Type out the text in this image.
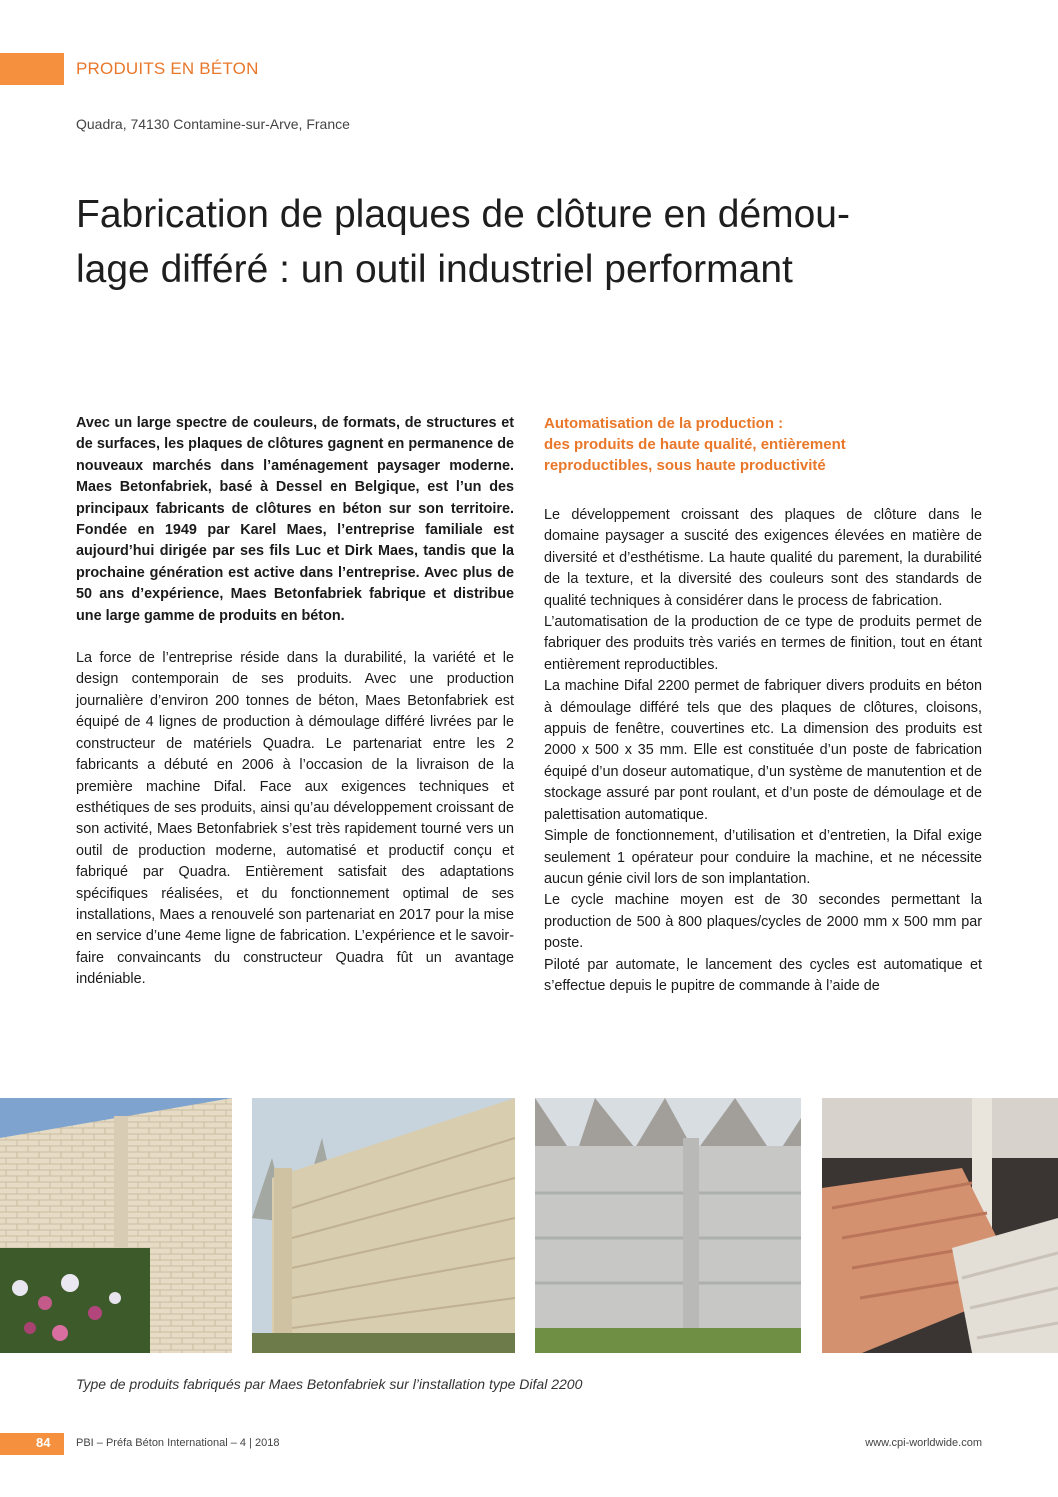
PRODUITS EN BÉTON
Quadra, 74130 Contamine-sur-Arve, France
Fabrication de plaques de clôture en démou-
lage différé : un outil industriel performant

Avec un large spectre de couleurs, de formats, de structures et de surfaces, les plaques de clôtures gagnent en permanence de nouveaux marchés dans l’aménagement paysager moderne. Maes Betonfabriek, basé à Dessel en Belgique, est l’un des principaux fabricants de clôtures en béton sur son territoire. Fondée en 1949 par Karel Maes, l’entreprise familiale est aujourd’hui dirigée par ses fils Luc et Dirk Maes, tandis que la prochaine génération est active dans l’entreprise. Avec plus de 50 ans d’expérience, Maes Betonfabriek fabrique et distribue une large gamme de produits en béton.

La force de l’entreprise réside dans la durabilité, la variété et le design contemporain de ses produits. Avec une production journalière d’environ 200 tonnes de béton, Maes Betonfabriek est équipé de 4 lignes de production à démoulage différé livrées par le constructeur de matériels Quadra. Le partenariat entre les 2 fabricants a débuté en 2006 à l’occasion de la livraison de la première machine Difal. Face aux exigences techniques et esthétiques de ses produits, ainsi qu’au développement croissant de son activité, Maes Betonfabriek s’est très rapidement tourné vers un outil de production moderne, automatisé et productif conçu et fabriqué par Quadra. Entièrement satisfait des adaptations spécifiques réalisées, et du fonctionnement optimal de ses installations, Maes a renouvelé son partenariat en 2017 pour la mise en service d’une 4eme ligne de fabrication. L’expérience et le savoir-faire convaincants du constructeur Quadra fût un avantage indéniable.

Automatisation de la production :
des produits de haute qualité, entièrement
reproductibles, sous haute productivité

Le développement croissant des plaques de clôture dans le domaine paysager a suscité des exigences élevées en matière de diversité et d’esthétisme. La haute qualité du parement, la durabilité de la texture, et la diversité des couleurs sont des standards de qualité techniques à considérer dans le process de fabrication.

L’automatisation de la production de ce type de produits permet de fabriquer des produits très variés en termes de finition, tout en étant entièrement reproductibles.

La machine Difal 2200 permet de fabriquer divers produits en béton à démoulage différé tels que des plaques de clôtures, cloisons, appuis de fenêtre, couvertines etc. La dimension des produits est 2000 x 500 x 35 mm. Elle est constituée d’un poste de fabrication équipé d’un doseur automatique, d’un système de manutention et de stockage assuré par pont roulant, et d’un poste de démoulage et de palettisation automatique.

Simple de fonctionnement, d’utilisation et d’entretien, la Difal exige seulement 1 opérateur pour conduire la machine, et ne nécessite aucun génie civil lors de son implantation.

Le cycle machine moyen est de 30 secondes permettant la production de 500 à 800 plaques/cycles de 2000 mm x 500 mm par poste.

Piloté par automate, le lancement des cycles est automatique et s’effectue depuis le pupitre de commande à l’aide de

Type de produits fabriqués par Maes Betonfabriek sur l’installation type Difal 2200
84 PBI – Préfa Béton International – 4 | 2018	www.cpi-worldwide.com
